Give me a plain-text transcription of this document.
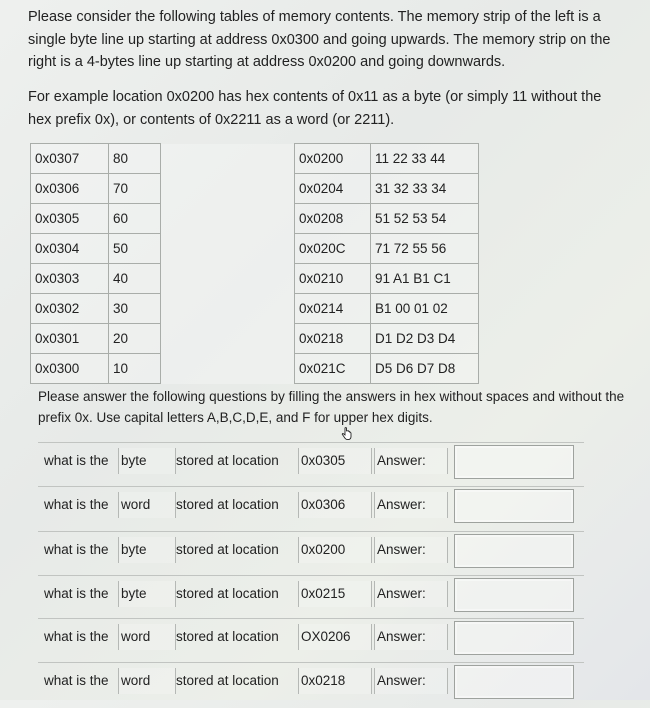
Please consider the following tables of memory contents. The memory strip of the left is a single byte line up starting at address 0x0300 and going upwards. The memory strip on the right is a 4-bytes line up starting at address 0x0200 and going downwards.

For example location 0x0200 has hex contents of 0x11 as a byte (or simply 11 without the hex prefix 0x), or contents of 0x2211 as a word (or 2211).

0x0307	80		0x0200	11 22 33 44
0x0306	70		0x0204	31 32 33 34
0x0305	60		0x0208	51 52 53 54
0x0304	50		0x020C	71 72 55 56
0x0303	40		0x0210	91 A1 B1 C1
0x0302	30		0x0214	B1 00 01 02
0x0301	20		0x0218	D1 D2 D3 D4
0x0300	10		0x021C	D5 D6 D7 D8

Please answer the following questions by filling the answers in hex without spaces and without the prefix 0x. Use capital letters A,B,C,D,E, and F for upper hex digits.

what is the byte	stored at location	0x0305	Answer:
what is the word	stored at location	0x0306	Answer:
what is the byte	stored at location	0x0200	Answer:
what is the byte	stored at location	0x0215	Answer:
what is the word	stored at location	OX0206	Answer:
what is the word	stored at location	0x0218	Answer:
